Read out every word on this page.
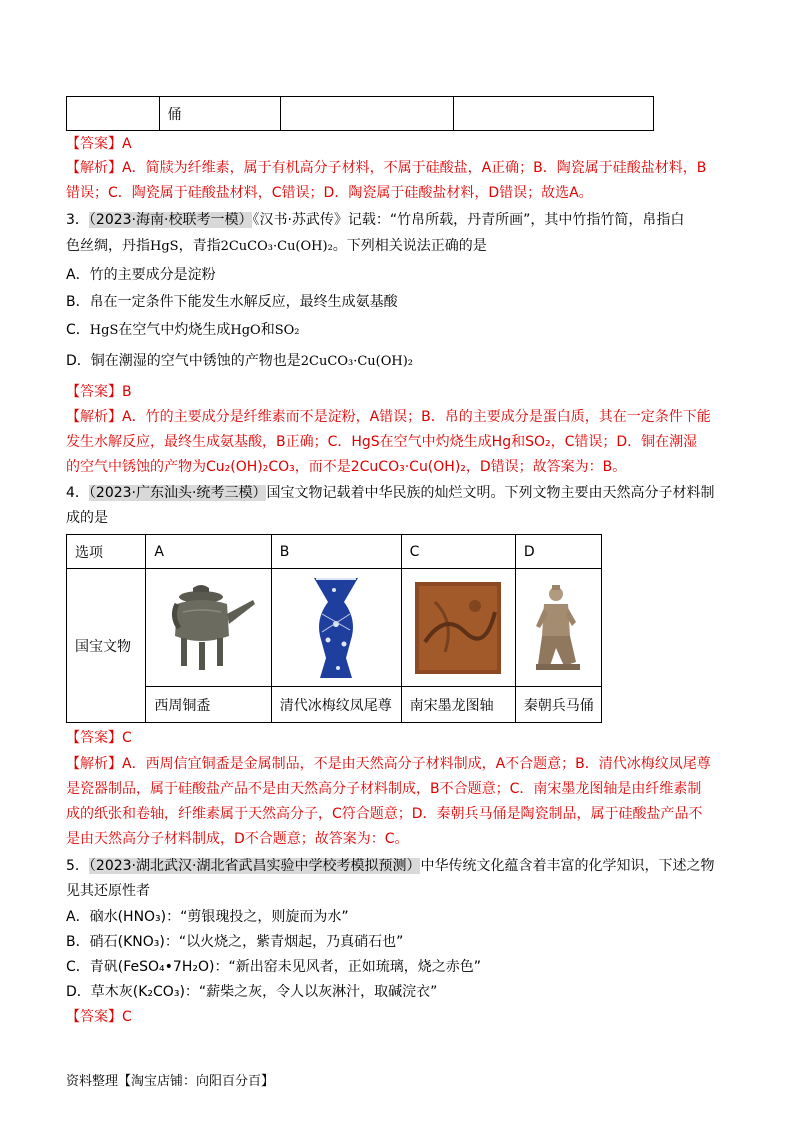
	俑		
【答案】A
【解析】A．简牍为纤维素，属于有机高分子材料，不属于硅酸盐，A正确；B．陶瓷属于硅酸盐材料，B
错误；C．陶瓷属于硅酸盐材料，C错误；D．陶瓷属于硅酸盐材料，D错误；故选A。
3．（2023·海南·校联考一模）《汉书·苏武传》记载：“竹帛所载，丹青所画”，其中竹指竹简，帛指白
色丝绸，丹指HgS，青指2CuCO₃·Cu(OH)₂。下列相关说法正确的是
A．竹的主要成分是淀粉
B．帛在一定条件下能发生水解反应，最终生成氨基酸
C．HgS在空气中灼烧生成HgO和SO₂
D．铜在潮湿的空气中锈蚀的产物也是2CuCO₃·Cu(OH)₂
【答案】B
【解析】A．竹的主要成分是纤维素而不是淀粉，A错误；B．帛的主要成分是蛋白质，其在一定条件下能
发生水解反应，最终生成氨基酸，B正确；C．HgS在空气中灼烧生成Hg和SO₂，C错误；D．铜在潮湿
的空气中锈蚀的产物为Cu₂(OH)₂CO₃，而不是2CuCO₃·Cu(OH)₂，D错误；故答案为：B。
4．（2023·广东汕头·统考三模）国宝文物记载着中华民族的灿烂文明。下列文物主要由天然高分子材料制
成的是
选项	A	B	C	D
国宝文物	

	西周铜盉	清代冰梅纹凤尾尊	南宋墨龙图轴	秦朝兵马俑
【答案】C
【解析】A．西周信宜铜盉是金属制品，不是由天然高分子材料制成，A不合题意；B．清代冰梅纹凤尾尊
是瓷器制品，属于硅酸盐产品不是由天然高分子材料制成，B不合题意；C．南宋墨龙图轴是由纤维素制
成的纸张和卷轴，纤维素属于天然高分子，C符合题意；D．秦朝兵马俑是陶瓷制品，属于硅酸盐产品不
是由天然高分子材料制成，D不合题意；故答案为：C。
5．（2023·湖北武汉·湖北省武昌实验中学校考模拟预测）中华传统文化蕴含着丰富的化学知识，下述之物
见其还原性者
A．硇水(HNO₃)：“剪银瑰投之，则旋而为水”
B．硝石(KNO₃)：“以火烧之，紫青烟起，乃真硝石也”
C．青矾(FeSO₄•7H₂O)：“新出窑未见风者，正如琉璃，烧之赤色”
D．草木灰(K₂CO₃)：“薪柴之灰，令人以灰淋汁，取碱浣衣”
【答案】C
资料整理【淘宝店铺：向阳百分百】
